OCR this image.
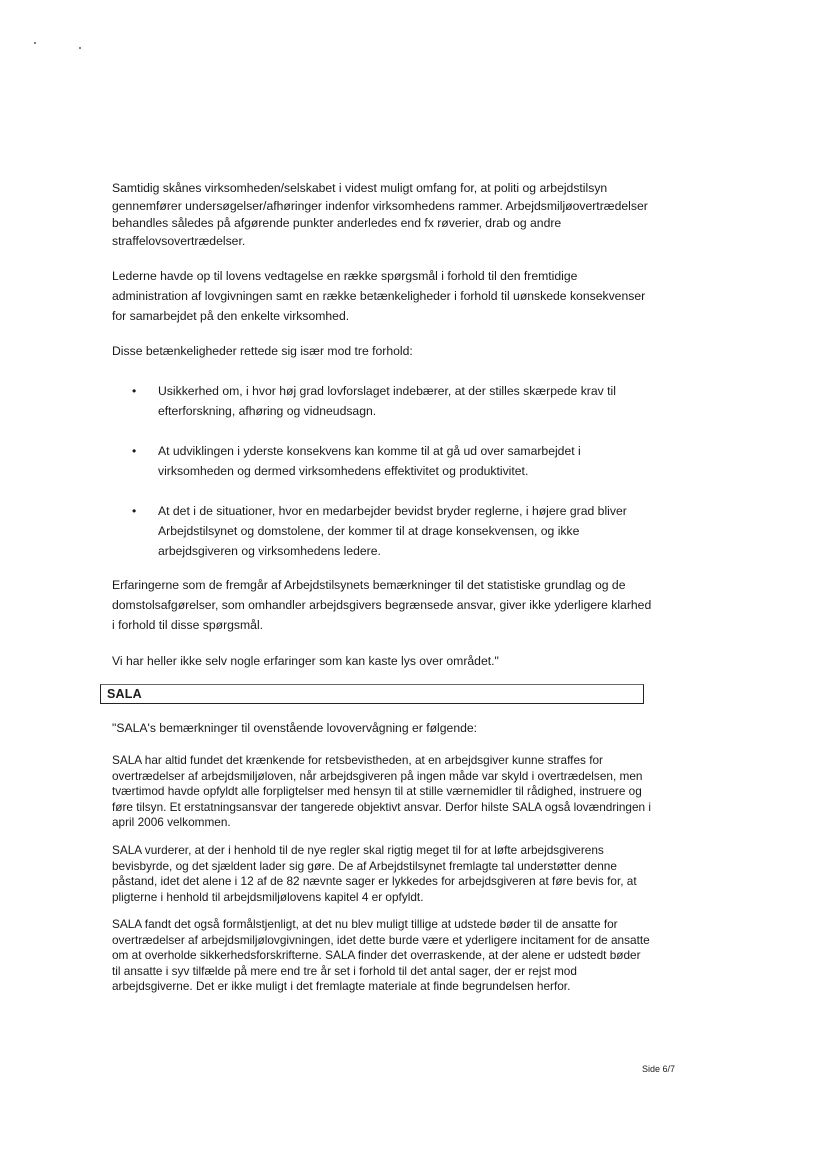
Samtidig skånes virksomheden/selskabet i videst muligt omfang for, at politi og arbejdstilsyn gennemfører undersøgelser/afhøringer indenfor virksomhedens rammer. Arbejdsmiljøovertrædelser behandles således på afgørende punkter anderledes end fx røverier, drab og andre straffelovsovertrædelser.

Lederne havde op til lovens vedtagelse en række spørgsmål i forhold til den fremtidige administration af lovgivningen samt en række betænkeligheder i forhold til uønskede konsekvenser for samarbejdet på den enkelte virksomhed.

Disse betænkeligheder rettede sig især mod tre forhold:

• Usikkerhed om, i hvor høj grad lovforslaget indebærer, at der stilles skærpede krav til efterforskning, afhøring og vidneudsagn.
• At udviklingen i yderste konsekvens kan komme til at gå ud over samarbejdet i virksomheden og dermed virksomhedens effektivitet og produktivitet.
• At det i de situationer, hvor en medarbejder bevidst bryder reglerne, i højere grad bliver Arbejdstilsynet og domstolene, der kommer til at drage konsekvensen, og ikke arbejdsgiveren og virksomhedens ledere.

Erfaringerne som de fremgår af Arbejdstilsynets bemærkninger til det statistiske grundlag og de domstolsafgørelser, som omhandler arbejdsgivers begrænsede ansvar, giver ikke yderligere klarhed i forhold til disse spørgsmål.

Vi har heller ikke selv nogle erfaringer som kan kaste lys over området."

SALA

"SALA's bemærkninger til ovenstående lovovervågning er følgende:

SALA har altid fundet det krænkende for retsbevistheden, at en arbejdsgiver kunne straffes for overtrædelser af arbejdsmiljøloven, når arbejdsgiveren på ingen måde var skyld i overtrædelsen, men tværtimod havde opfyldt alle forpligtelser med hensyn til at stille værnemidler til rådighed, instruere og føre tilsyn. Et erstatningsansvar der tangerede objektivt ansvar. Derfor hilste SALA også lovændringen i april 2006 velkommen.

SALA vurderer, at der i henhold til de nye regler skal rigtig meget til for at løfte arbejdsgiverens bevisbyrde, og det sjældent lader sig gøre. De af Arbejdstilsynet fremlagte tal understøtter denne påstand, idet det alene i 12 af de 82 nævnte sager er lykkedes for arbejdsgiveren at føre bevis for, at pligterne i henhold til arbejdsmiljølovens kapitel 4 er opfyldt.

SALA fandt det også formålstjenligt, at det nu blev muligt tillige at udstede bøder til de ansatte for overtrædelser af arbejdsmiljølovgivningen, idet dette burde være et yderligere incitament for de ansatte om at overholde sikkerhedsforskrifterne. SALA finder det overraskende, at der alene er udstedt bøder til ansatte i syv tilfælde på mere end tre år set i forhold til det antal sager, der er rejst mod arbejdsgiverne. Det er ikke muligt i det fremlagte materiale at finde begrundelsen herfor.

Side 6/7
